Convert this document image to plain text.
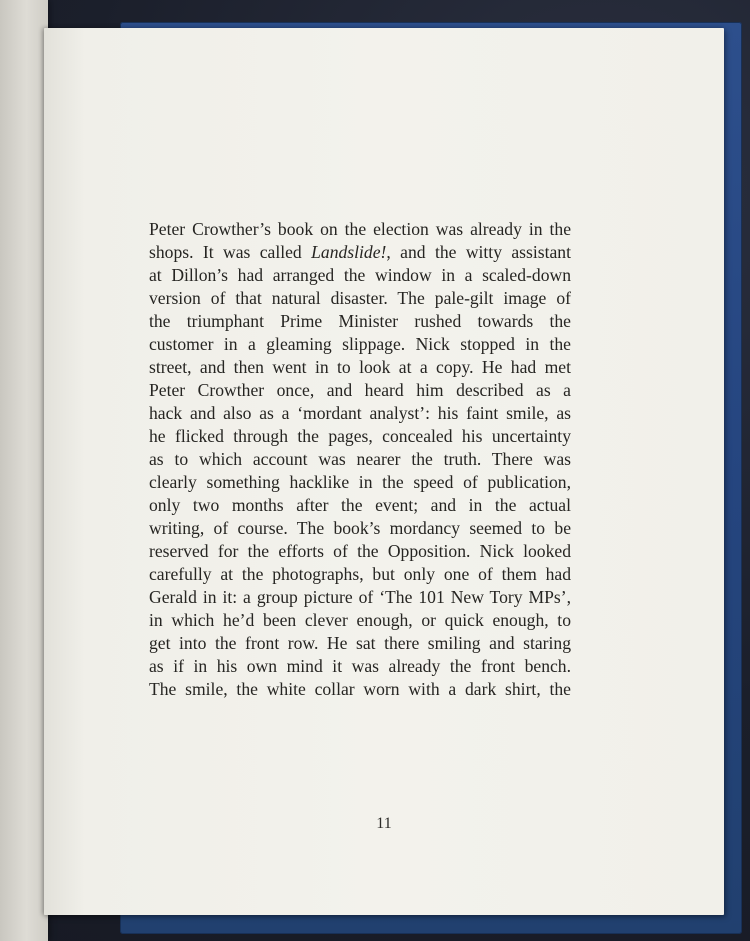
Peter Crowther’s book on the election was already in the
shops. It was called Landslide!, and the witty assistant
at Dillon’s had arranged the window in a scaled-down
version of that natural disaster. The pale-gilt image of
the triumphant Prime Minister rushed towards the
customer in a gleaming slippage. Nick stopped in the
street, and then went in to look at a copy. He had met
Peter Crowther once, and heard him described as a
hack and also as a ‘mordant analyst’: his faint smile, as
he flicked through the pages, concealed his uncertainty
as to which account was nearer the truth. There was
clearly something hacklike in the speed of publication,
only two months after the event; and in the actual
writing, of course. The book’s mordancy seemed to be
reserved for the efforts of the Opposition. Nick looked
carefully at the photographs, but only one of them had
Gerald in it: a group picture of ‘The 101 New Tory MPs’,
in which he’d been clever enough, or quick enough, to
get into the front row. He sat there smiling and staring
as if in his own mind it was already the front bench.
The smile, the white collar worn with a dark shirt, the
11
